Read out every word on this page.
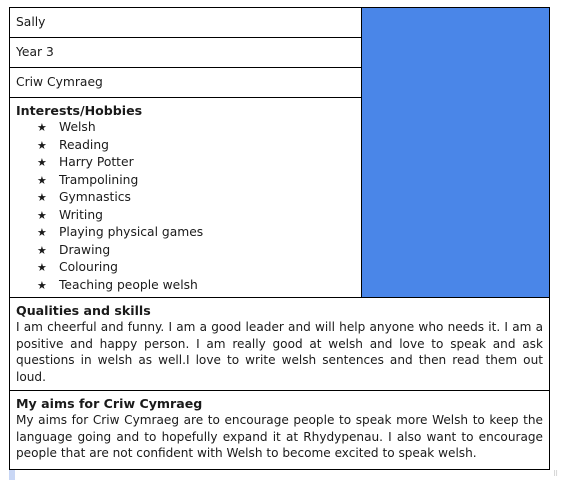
Sally	
Year 3
Criw Cymraeg

Interests/Hobbies
★ Welsh
★ Reading
★ Harry Potter
★ Trampolining
★ Gymnastics
★ Writing
★ Playing physical games
★ Drawing
★ Colouring
★ Teaching people welsh

Qualities and skills

I am cheerful and funny. I am a good leader and will help anyone who needs it. I am a positive and happy person. I am really good at welsh and love to speak and ask questions in welsh as well.I love to write welsh sentences and then read them out loud.

My aims for Criw Cymraeg

My aims for Criw Cymraeg are to encourage people to speak more Welsh to keep the language going and to hopefully expand it at Rhydypenau. I also want to encourage people that are not confident with Welsh to become excited to speak welsh.

⠿
